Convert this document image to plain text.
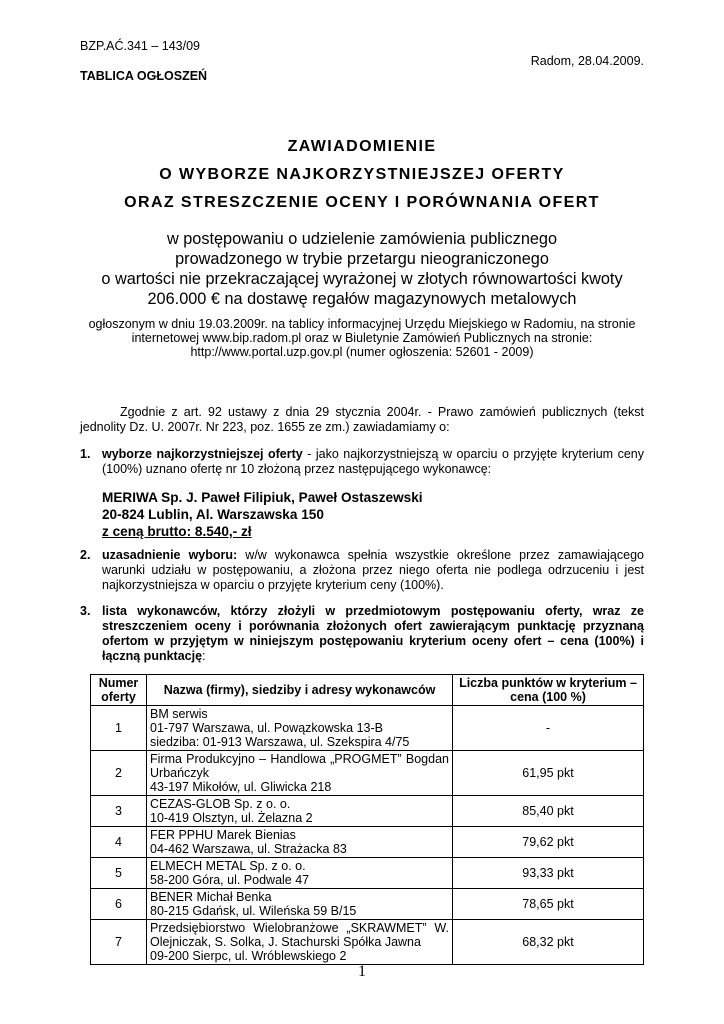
BZP.AĆ.341 – 143/09
TABLICA OGŁOSZEŃ
Radom, 28.04.2009.
ZAWIADOMIENIE
O WYBORZE NAJKORZYSTNIEJSZEJ OFERTY
ORAZ STRESZCZENIE OCENY I PORÓWNANIA OFERT
w postępowaniu o udzielenie zamówienia publicznego
prowadzonego w trybie przetargu nieograniczonego
o wartości nie przekraczającej wyrażonej w złotych równowartości kwoty
206.000 € na dostawę regałów magazynowych metalowych
ogłoszonym w dniu 19.03.2009r. na tablicy informacyjnej Urzędu Miejskiego w Radomiu, na stronie
internetowej www.bip.radom.pl oraz w Biuletynie Zamówień Publicznych na stronie:
http://www.portal.uzp.gov.pl (numer ogłoszenia: 52601 - 2009)

Zgodnie z art. 92 ustawy z dnia 29 stycznia 2004r. - Prawo zamówień publicznych (tekst jednolity Dz. U. 2007r. Nr 223, poz. 1655 ze zm.) zawiadamiamy o:

1. wyborze najkorzystniejszej oferty - jako najkorzystniejszą w oparciu o przyjęte kryterium ceny (100%) uznano ofertę nr 10 złożoną przez następującego wykonawcę:
MERIWA Sp. J. Paweł Filipiuk, Paweł Ostaszewski
20-824 Lublin, Al. Warszawska 150
z ceną brutto: 8.540,- zł
2. uzasadnienie wyboru: w/w wykonawca spełnia wszystkie określone przez zamawiającego warunki udziału w postępowaniu, a złożona przez niego oferta nie podlega odrzuceniu i jest najkorzystniejsza w oparciu o przyjęte kryterium ceny (100%).
3. lista wykonawców, którzy złożyli w przedmiotowym postępowaniu oferty, wraz ze streszczeniem oceny i porównania złożonych ofert zawierającym punktację przyznaną ofertom w przyjętym w niniejszym postępowaniu kryterium oceny ofert – cena (100%) i łączną punktację:
Numer oferty	Nazwa (firmy), siedziby i adresy wykonawców	Liczba punktów w kryterium – cena (100 %)
1	BM serwis
01-797 Warszawa, ul. Powązkowska 13-B
siedziba: 01-913 Warszawa, ul. Szekspira 4/75	-
2	Firma Produkcyjno – Handlowa „PROGMET” Bogdan Urbańczyk
43-197 Mikołów, ul. Gliwicka 218	61,95 pkt
3	CEZAS-GLOB Sp. z o. o.
10-419 Olsztyn, ul. Żelazna 2	85,40 pkt
4	FER PPHU Marek Bienias
04-462 Warszawa, ul. Strażacka 83	79,62 pkt
5	ELMECH METAL Sp. z o. o.
58-200 Góra, ul. Podwale 47	93,33 pkt
6	BENER Michał Benka
80-215 Gdańsk, ul. Wileńska 59 B/15	78,65 pkt
7	Przedsiębiorstwo Wielobranżowe „SKRAWMET” W. Olejniczak, S. Solka, J. Stachurski Spółka Jawna
09-200 Sierpc, ul. Wróblewskiego 2	68,32 pkt
1
